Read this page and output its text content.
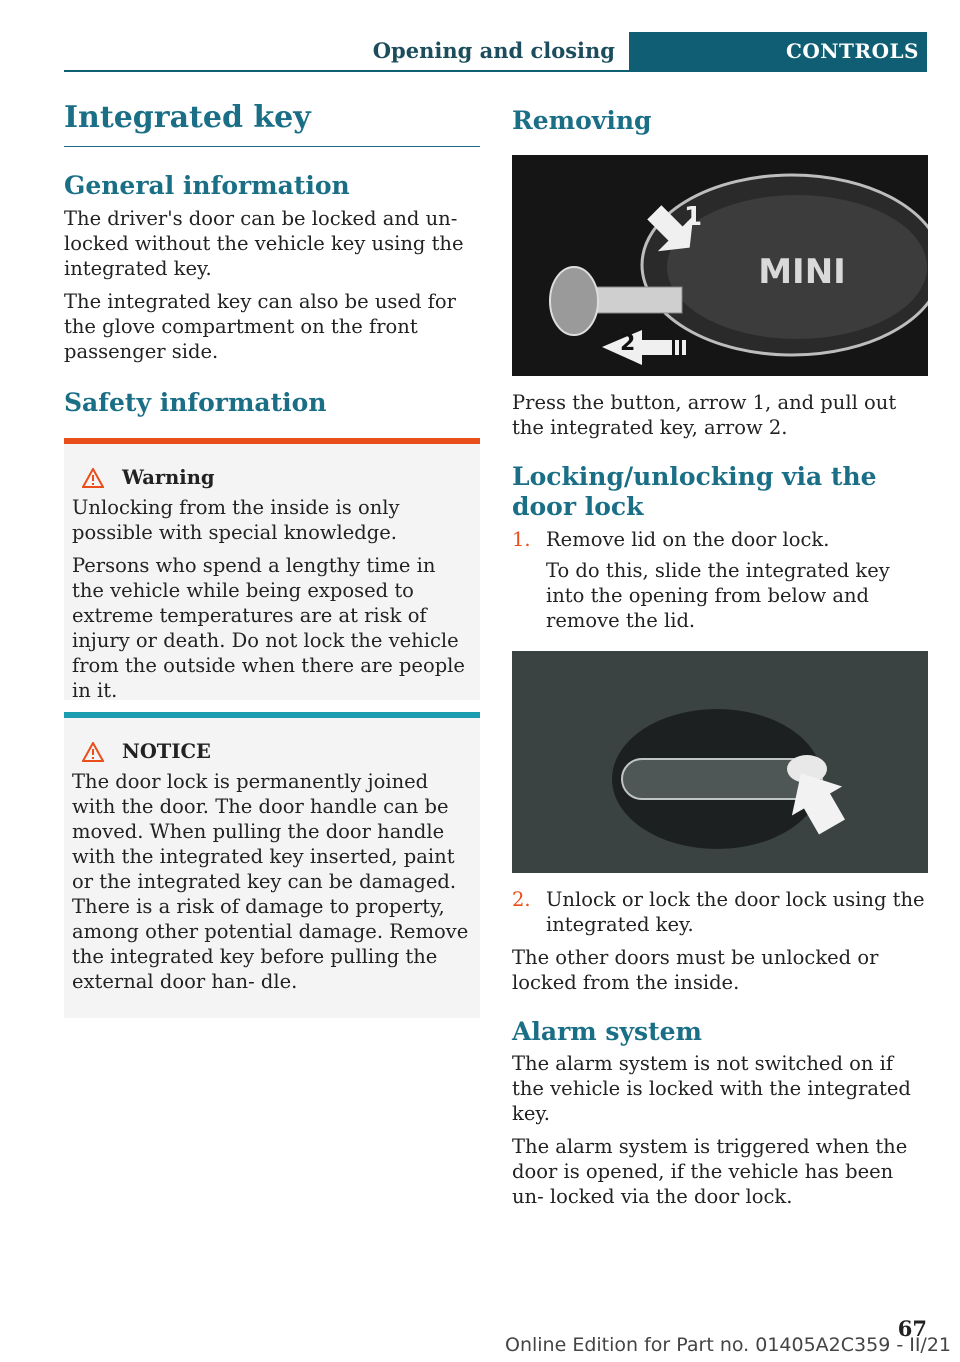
Opening and closing	CONTROLS
Integrated key
General information

The driver's door can be locked and un‐ locked without the vehicle key using the integrated key.

The integrated key can also be used for the glove compartment on the front passenger side.

Safety information
Warning

Unlocking from the inside is only possible with special knowledge.

Persons who spend a lengthy time in the vehicle while being exposed to extreme temperatures are at risk of injury or death. Do not lock the vehicle from the outside when there are people in it.

NOTICE

The door lock is permanently joined with the door. The door handle can be moved. When pulling the door handle with the integrated key inserted, paint or the integrated key can be damaged. There is a risk of damage to property, among other potential damage. Remove the integrated key before pulling the external door han‐ dle.

Removing
MINI
1
2

Press the button, arrow 1, and pull out the integrated key, arrow 2.

Locking/unlocking via the door lock
1. Remove lid on the door lock.
To do this, slide the integrated key into the opening from below and remove the lid.
2. Unlock or lock the door lock using the integrated key.

The other doors must be unlocked or locked from the inside.

Alarm system

The alarm system is not switched on if the vehicle is locked with the integrated key.

The alarm system is triggered when the door is opened, if the vehicle has been un‐ locked via the door lock.

Online Edition for Part no. 01405A2C359 - II/21
67
